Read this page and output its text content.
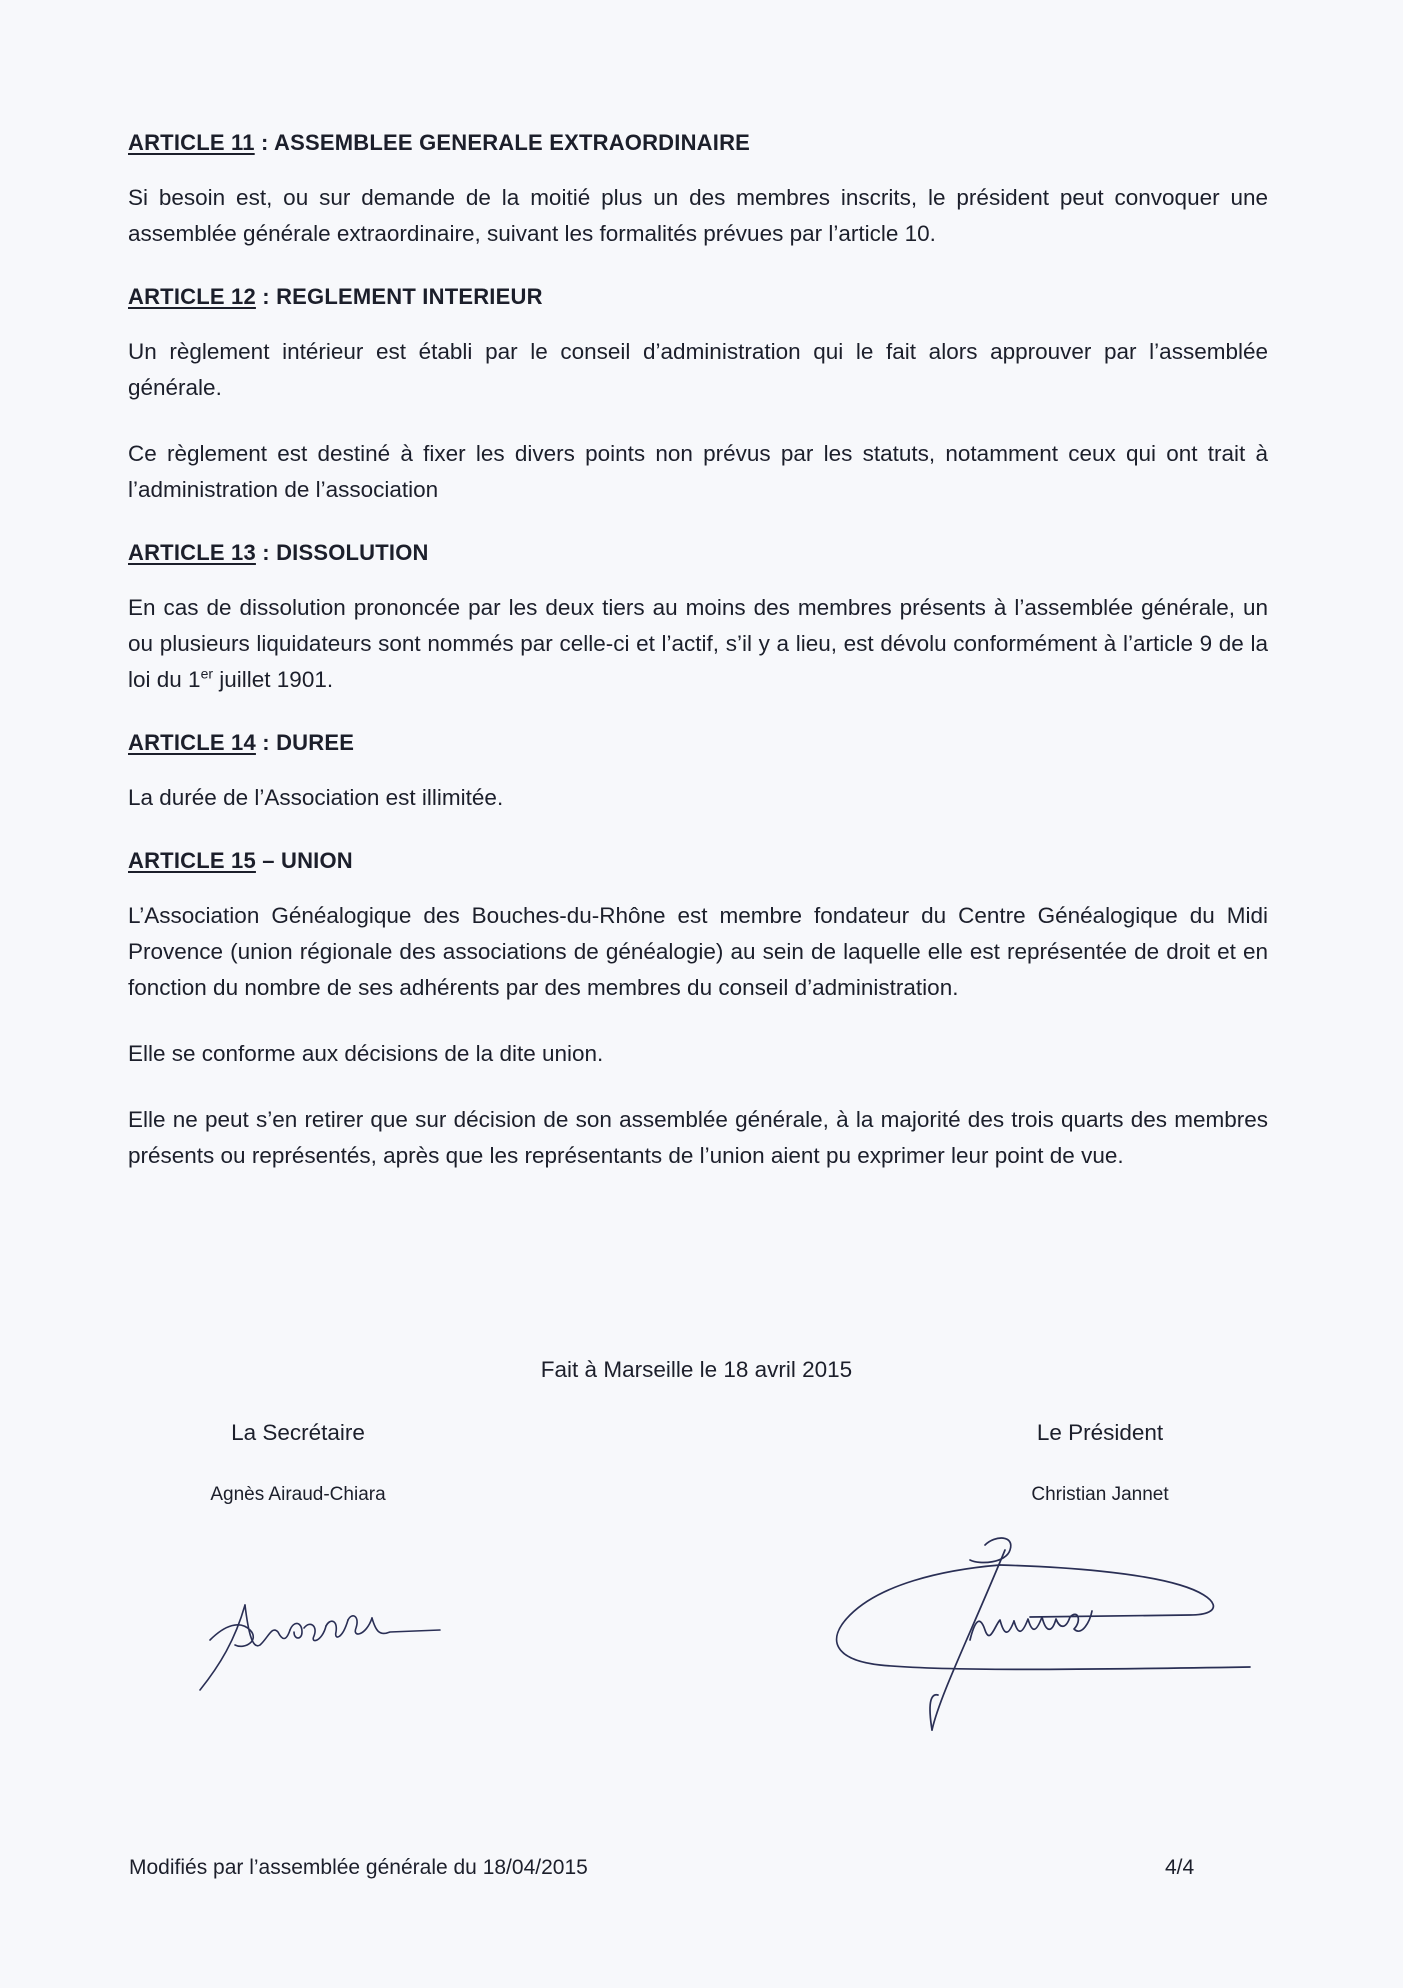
ARTICLE 11 : ASSEMBLEE GENERALE EXTRAORDINAIRE

Si besoin est, ou sur demande de la moitié plus un des membres inscrits, le président peut convoquer une assemblée générale extraordinaire, suivant les formalités prévues par l’article 10.

ARTICLE 12 : REGLEMENT INTERIEUR

Un règlement intérieur est établi par le conseil d’administration qui le fait alors approuver par l’assemblée générale.

Ce règlement est destiné à fixer les divers points non prévus par les statuts, notamment ceux qui ont trait à l’administration de l’association

ARTICLE 13 : DISSOLUTION

En cas de dissolution prononcée par les deux tiers au moins des membres présents à l’assemblée générale, un ou plusieurs liquidateurs sont nommés par celle-ci et l’actif, s’il y a lieu, est dévolu conformément à l’article 9 de la loi du 1er juillet 1901.

ARTICLE 14 : DUREE

La durée de l’Association est illimitée.

ARTICLE 15 – UNION

L’Association Généalogique des Bouches-du-Rhône est membre fondateur du Centre Généalogique du Midi Provence (union régionale des associations de généalogie) au sein de laquelle elle est représentée de droit et en fonction du nombre de ses adhérents par des membres du conseil d’administration.

Elle se conforme aux décisions de la dite union.

Elle ne peut s’en retirer que sur décision de son assemblée générale, à la majorité des trois quarts des membres présents ou représentés, après que les représentants de l’union aient pu exprimer leur point de vue.

Fait à Marseille le 18 avril 2015
La Secrétaire
Agnès Airaud-Chiara
Le Président
Christian Jannet
Modifiés par l’assemblée générale du 18/04/2015	4/4
